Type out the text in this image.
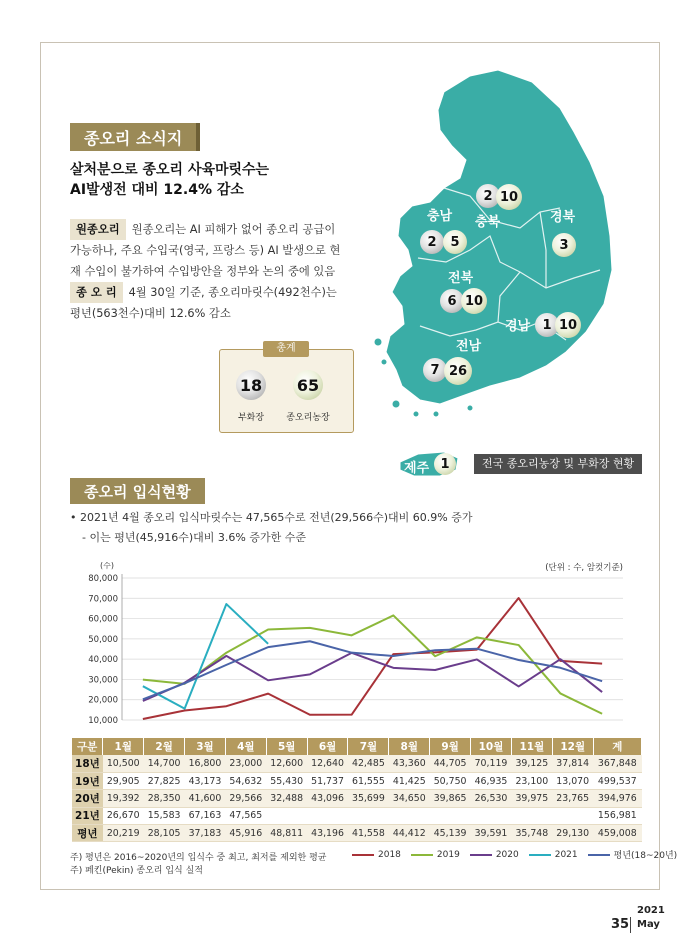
종오리 소식지
살처분으로 종오리 사육마릿수는
AI발생전 대비 12.4% 감소
원종오리 원종오리는 AI 피해가 없어 종오리 공급이
가능하나, 주요 수입국(영국, 프랑스 등) AI 발생으로 현
재 수입이 불가하여 수입방안을 정부와 논의 중에 있음
종 오 리 4월 30일 기준, 종오리마릿수(492천수)는
평년(563천수)대비 12.6% 감소
총계
18
부화장
65
종오리농장
충남
2	5
2 10
충북	경북
3
전북
6 10
경남 1 10
전남
7 26
제주 1	전국 종오리농장 및 부화장 현황
종오리 입식현황
• 2021년 4월 종오리 입식마릿수는 47,565수로 전년(29,566수)대비 60.9% 증가
- 이는 평년(45,916수)대비 3.6% 증가한 수준
80,000
70,000
60,000
50,000
40,000
30,000
20,000
10,000
(수)	(단위 : 수, 암컷기준)
구분	1월	2월	3월	4월	5월	6월	7월	8월	9월	10월	11월	12월	계
18년	10,500	14,700	16,800	23,000	12,600	12,640	42,485	43,360	44,705	70,119	39,125	37,814	367,848
19년	29,905	27,825	43,173	54,632	55,430	51,737	61,555	41,425	50,750	46,935	23,100	13,070	499,537
20년	19,392	28,350	41,600	29,566	32,488	43,096	35,699	34,650	39,865	26,530	39,975	23,765	394,976
21년	26,670	15,583	67,163	47,565									156,981
평년	20,219	28,105	37,183	45,916	48,811	43,196	41,558	44,412	45,139	39,591	35,748	29,130	459,008
주) 평년은 2016~2020년의 입식수 중 최고, 최저를 제외한 평균
주) 페킨(Pekin) 종오리 입식 실적
2018	2019	2020	2021	평년(18~20년)
2021
35 May
